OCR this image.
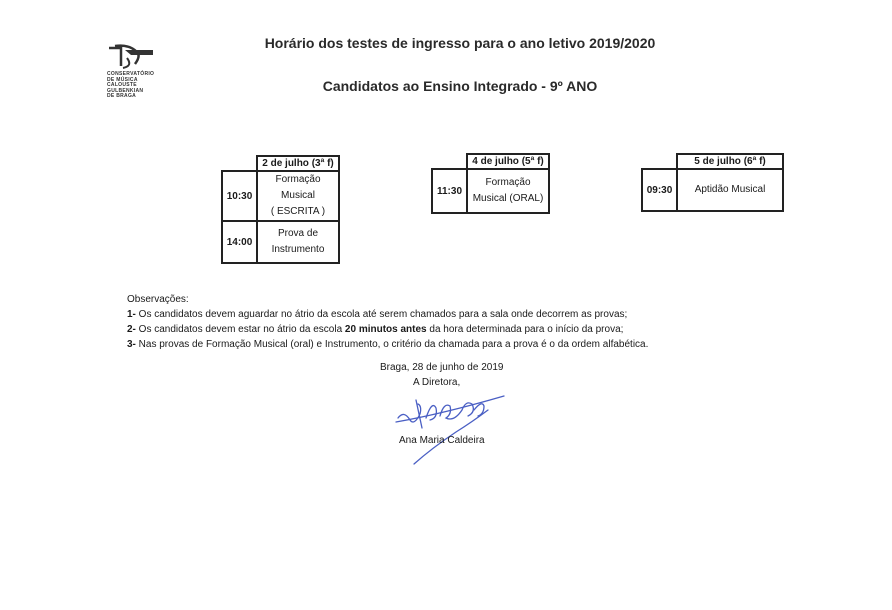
CONSERVATÓRIO
DE MÚSICA
CALOUSTE
GULBENKIAN
DE BRAGA
Horário dos testes de ingresso para o ano letivo 2019/2020
Candidatos ao Ensino Integrado - 9º ANO
	2 de julho (3ª f)
10:30	Formação
Musical
( ESCRITA )

14:00	Prova de
Instrumento
	4 de julho (5ª f)
11:30	Formação
Musical (ORAL)
	5 de julho (6ª f)
09:30	Aptidão Musical
Observações:
1- Os candidatos devem aguardar no átrio da escola até serem chamados para a sala onde decorrem as provas;
2- Os candidatos devem estar no átrio da escola 20 minutos antes da hora determinada para o início da prova;
3- Nas provas de Formação Musical (oral) e Instrumento, o critério da chamada para a prova é o da ordem alfabética.
Braga, 28 de junho de 2019
A Diretora,
Ana Maria Caldeira
